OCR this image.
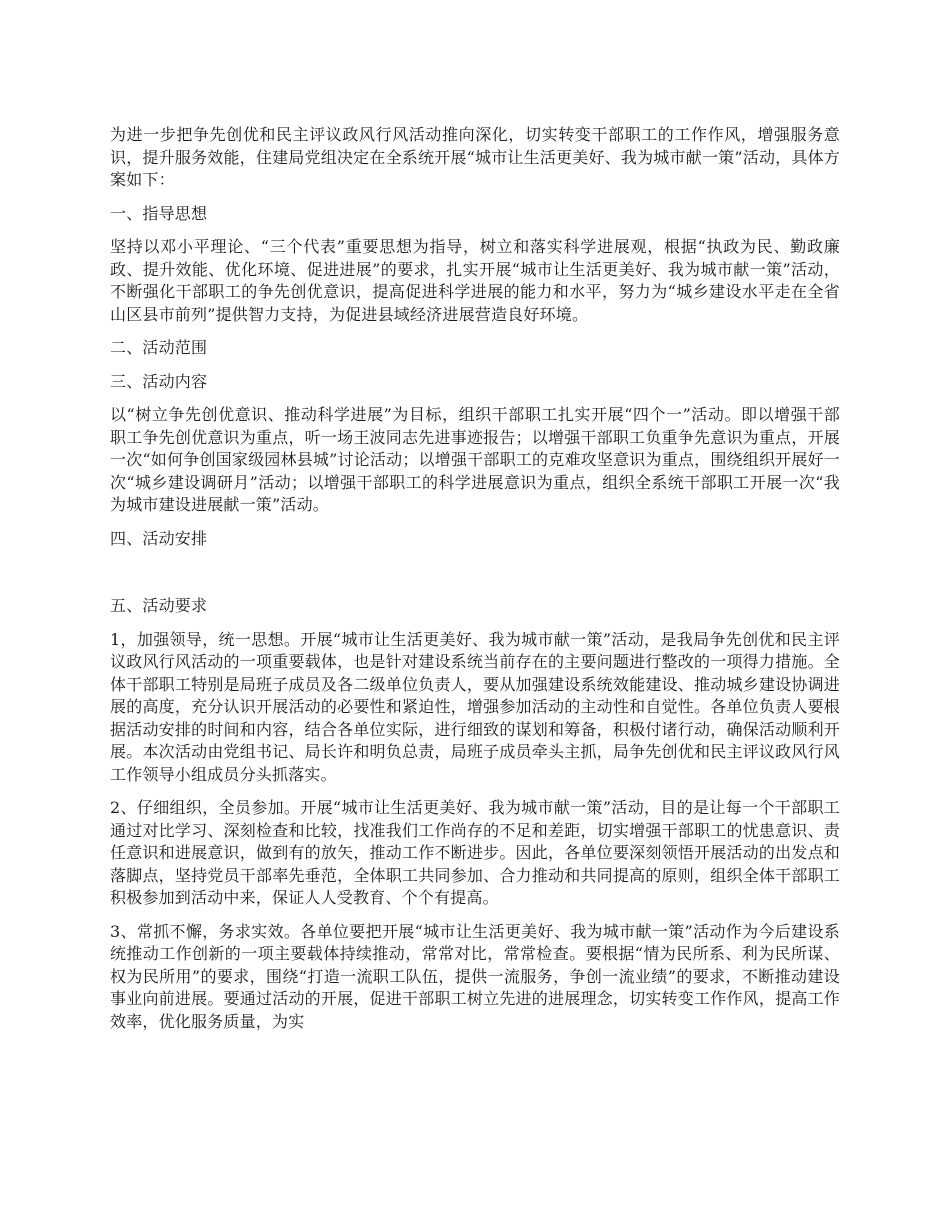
为进一步把争先创优和民主评议政风行风活动推向深化，切实转变干部职工的工作作风，增强服务意识，提升服务效能，住建局党组决定在全系统开展“城市让生活更美好、我为城市献一策”活动，具体方案如下：

一、指导思想

坚持以邓小平理论、“三个代表”重要思想为指导，树立和落实科学进展观，根据“执政为民、勤政廉政、提升效能、优化环境、促进进展”的要求，扎实开展“城市让生活更美好、我为城市献一策”活动，不断强化干部职工的争先创优意识，提高促进科学进展的能力和水平，努力为“城乡建设水平走在全省山区县市前列”提供智力支持，为促进县域经济进展营造良好环境。

二、活动范围

三、活动内容

以“树立争先创优意识、推动科学进展”为目标，组织干部职工扎实开展“四个一”活动。即以增强干部职工争先创优意识为重点，听一场王波同志先进事迹报告；以增强干部职工负重争先意识为重点，开展一次“如何争创国家级园林县城”讨论活动；以增强干部职工的克难攻坚意识为重点，围绕组织开展好一次“城乡建设调研月”活动；以增强干部职工的科学进展意识为重点，组织全系统干部职工开展一次“我为城市建设进展献一策”活动。

四、活动安排

五、活动要求

1，加强领导，统一思想。开展“城市让生活更美好、我为城市献一策”活动，是我局争先创优和民主评议政风行风活动的一项重要载体，也是针对建设系统当前存在的主要问题进行整改的一项得力措施。全体干部职工特别是局班子成员及各二级单位负责人，要从加强建设系统效能建设、推动城乡建设协调进展的高度，充分认识开展活动的必要性和紧迫性，增强参加活动的主动性和自觉性。各单位负责人要根据活动安排的时间和内容，结合各单位实际，进行细致的谋划和筹备，积极付诸行动，确保活动顺利开展。本次活动由党组书记、局长许和明负总责，局班子成员牵头主抓，局争先创优和民主评议政风行风工作领导小组成员分头抓落实。

2、仔细组织，全员参加。开展“城市让生活更美好、我为城市献一策”活动，目的是让每一个干部职工通过对比学习、深刻检查和比较，找准我们工作尚存的不足和差距，切实增强干部职工的忧患意识、责任意识和进展意识，做到有的放矢，推动工作不断进步。因此，各单位要深刻领悟开展活动的出发点和落脚点，坚持党员干部率先垂范，全体职工共同参加、合力推动和共同提高的原则，组织全体干部职工积极参加到活动中来，保证人人受教育、个个有提高。

3、常抓不懈，务求实效。各单位要把开展“城市让生活更美好、我为城市献一策”活动作为今后建设系统推动工作创新的一项主要载体持续推动，常常对比，常常检查。要根据“情为民所系、利为民所谋、权为民所用”的要求，围绕“打造一流职工队伍，提供一流服务，争创一流业绩”的要求，不断推动建设事业向前进展。要通过活动的开展，促进干部职工树立先进的进展理念，切实转变工作作风，提高工作效率，优化服务质量，为实
